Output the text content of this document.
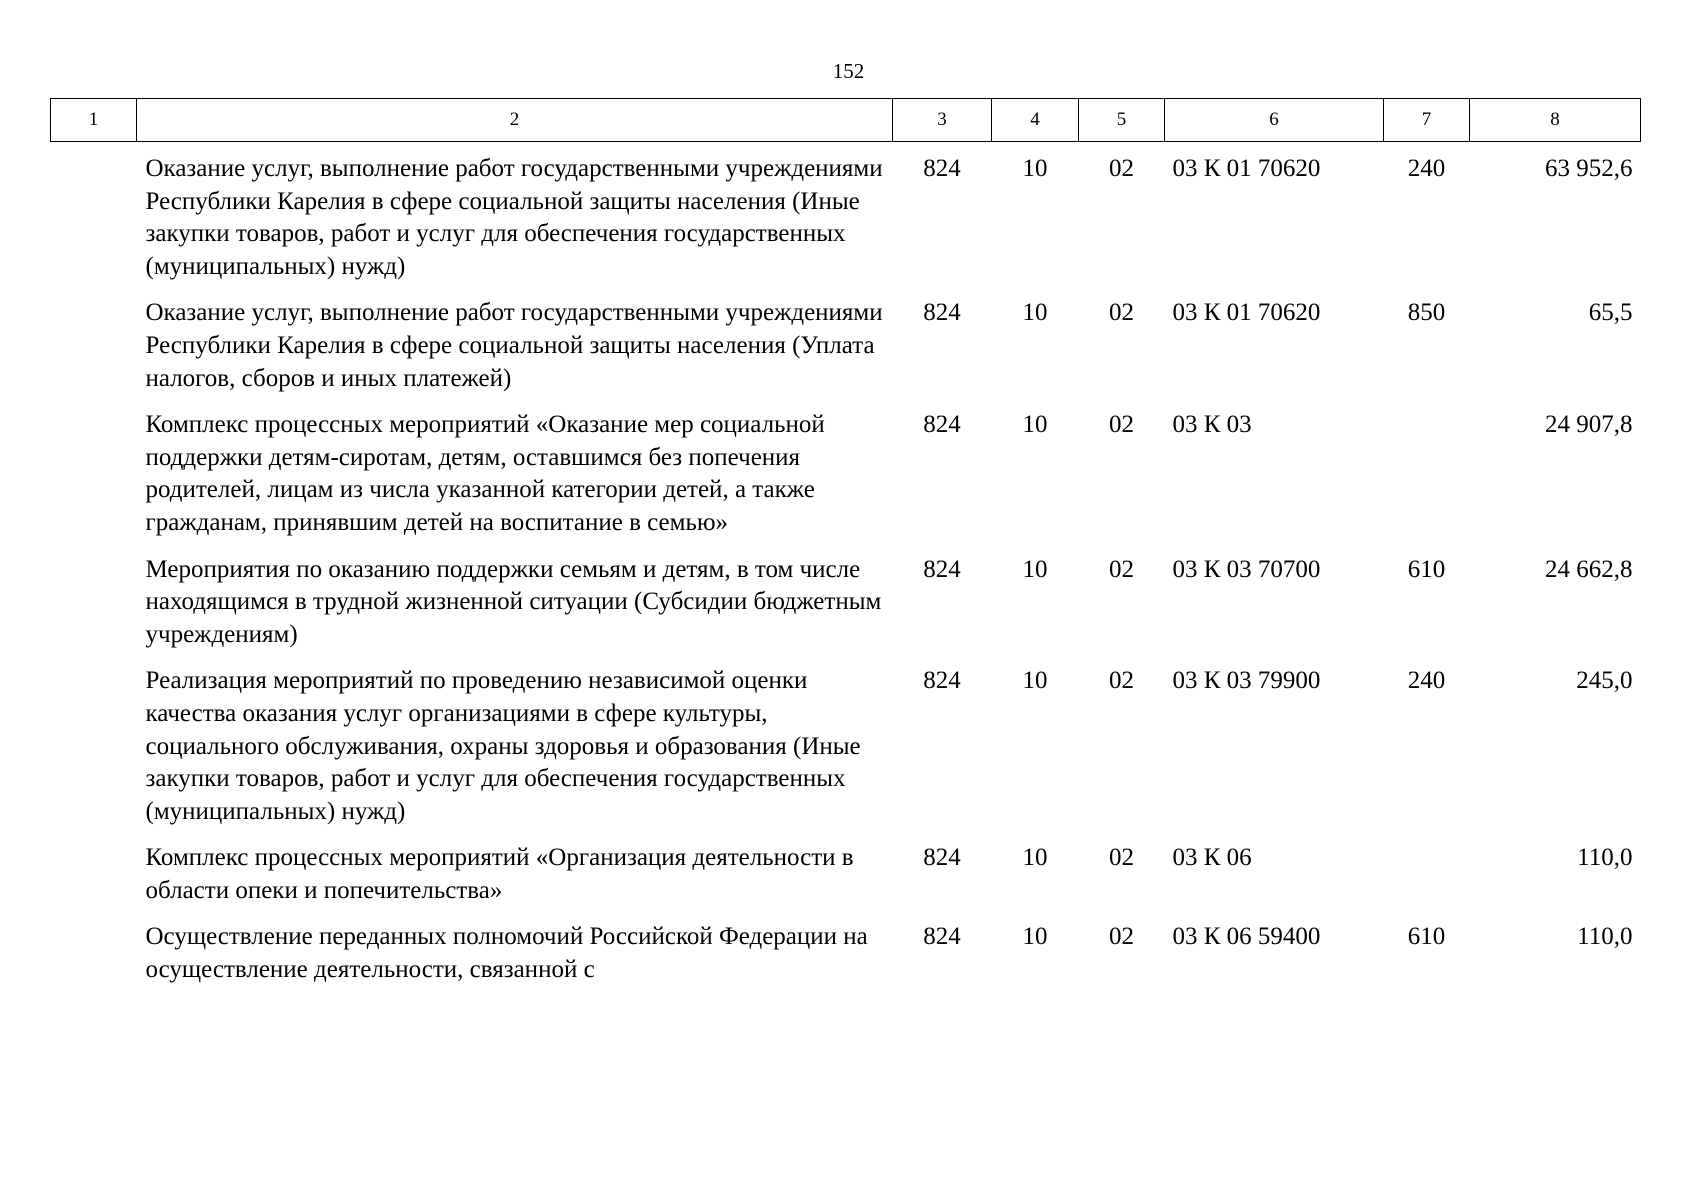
152
1	2	3	4	5	6	7	8
	Оказание услуг, выполнение работ государственными учреждениями Республики Карелия в сфере социальной защиты населения (Иные закупки товаров, работ и услуг для обеспечения государственных (муниципальных) нужд)	824	10	02	03 К 01 70620	240	63 952,6
	Оказание услуг, выполнение работ государственными учреждениями Республики Карелия в сфере социальной защиты населения (Уплата налогов, сборов и иных платежей)	824	10	02	03 К 01 70620	850	65,5
	Комплекс процессных мероприятий «Оказание мер социальной поддержки детям-сиротам, детям, оставшимся без попечения родителей, лицам из числа указанной категории детей, а также гражданам, принявшим детей на воспитание в семью»	824	10	02	03 К 03		24 907,8
	Мероприятия по оказанию поддержки семьям и детям, в том числе находящимся в трудной жизненной ситуации (Субсидии бюджетным учреждениям)	824	10	02	03 К 03 70700	610	24 662,8
	Реализация мероприятий по проведению независимой оценки качества оказания услуг организациями в сфере культуры, социального обслуживания, охраны здоровья и образования (Иные закупки товаров, работ и услуг для обеспечения государственных (муниципальных) нужд)	824	10	02	03 К 03 79900	240	245,0
	Комплекс процессных мероприятий «Организация деятельности в области опеки и попечительства»	824	10	02	03 К 06		110,0
	Осуществление переданных полномочий Российской Федерации на осуществление деятельности, связанной с	824	10	02	03 К 06 59400	610	110,0
